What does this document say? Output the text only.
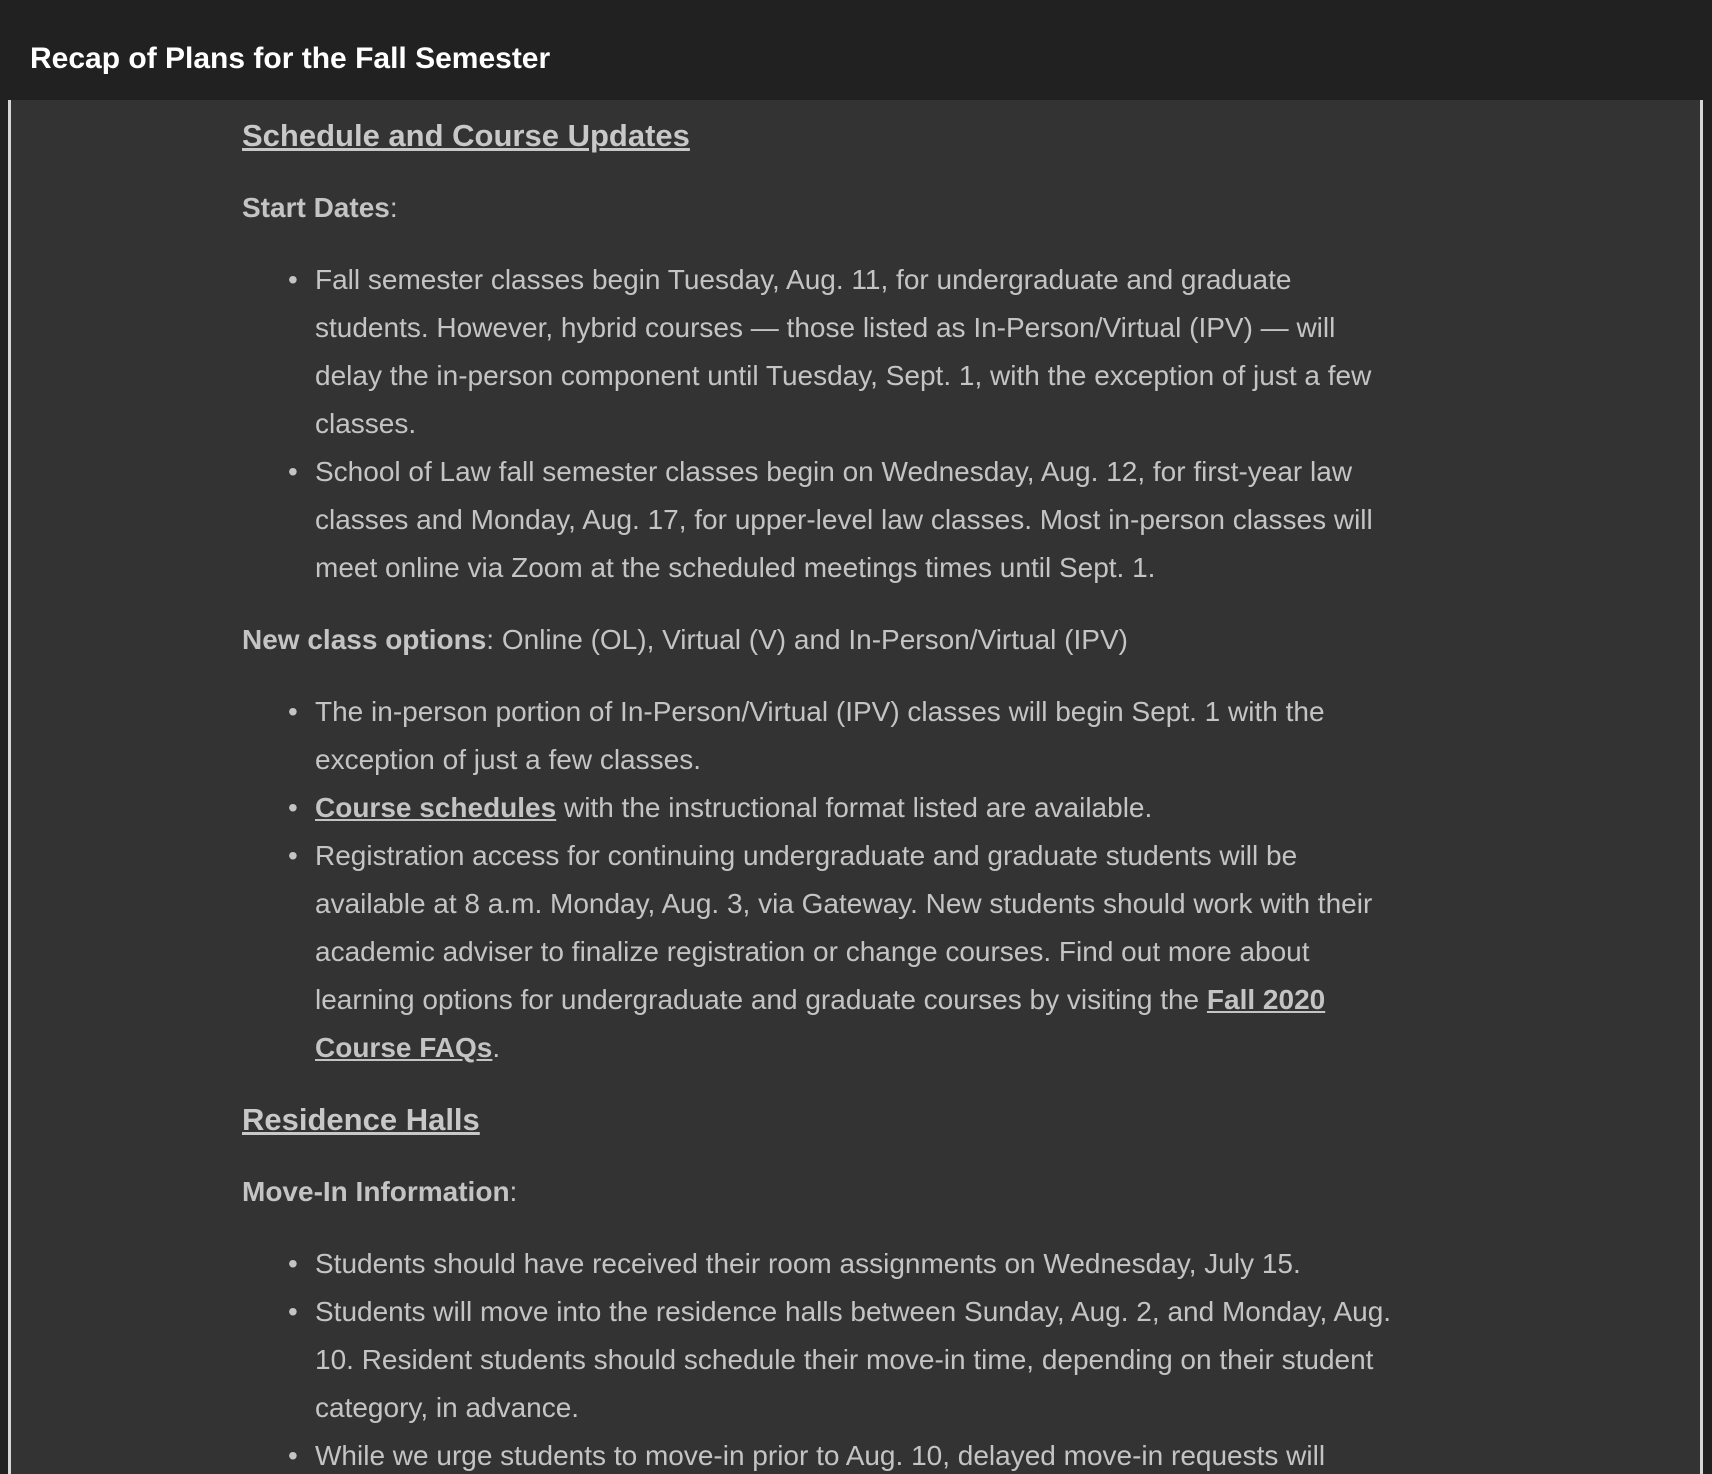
Recap of Plans for the Fall Semester
Schedule and Course Updates

Start Dates:

• Fall semester classes begin Tuesday, Aug. 11, for undergraduate and graduate students. However, hybrid courses — those listed as In-Person/Virtual (IPV) — will delay the in-person component until Tuesday, Sept. 1, with the exception of just a few classes.
• School of Law fall semester classes begin on Wednesday, Aug. 12, for first-year law classes and Monday, Aug. 17, for upper-level law classes. Most in-person classes will meet online via Zoom at the scheduled meetings times until Sept. 1.

New class options: Online (OL), Virtual (V) and In-Person/Virtual (IPV)

• The in-person portion of In-Person/Virtual (IPV) classes will begin Sept. 1 with the exception of just a few classes.
• Course schedules with the instructional format listed are available.
• Registration access for continuing undergraduate and graduate students will be available at 8 a.m. Monday, Aug. 3, via Gateway. New students should work with their academic adviser to finalize registration or change courses. Find out more about learning options for undergraduate and graduate courses by visiting the Fall 2020 Course FAQs.
Residence Halls

Move-In Information:

• Students should have received their room assignments on Wednesday, July 15.
• Students will move into the residence halls between Sunday, Aug. 2, and Monday, Aug. 10. Resident students should schedule their move-in time, depending on their student category, in advance.
• While we urge students to move-in prior to Aug. 10, delayed move-in requests will
